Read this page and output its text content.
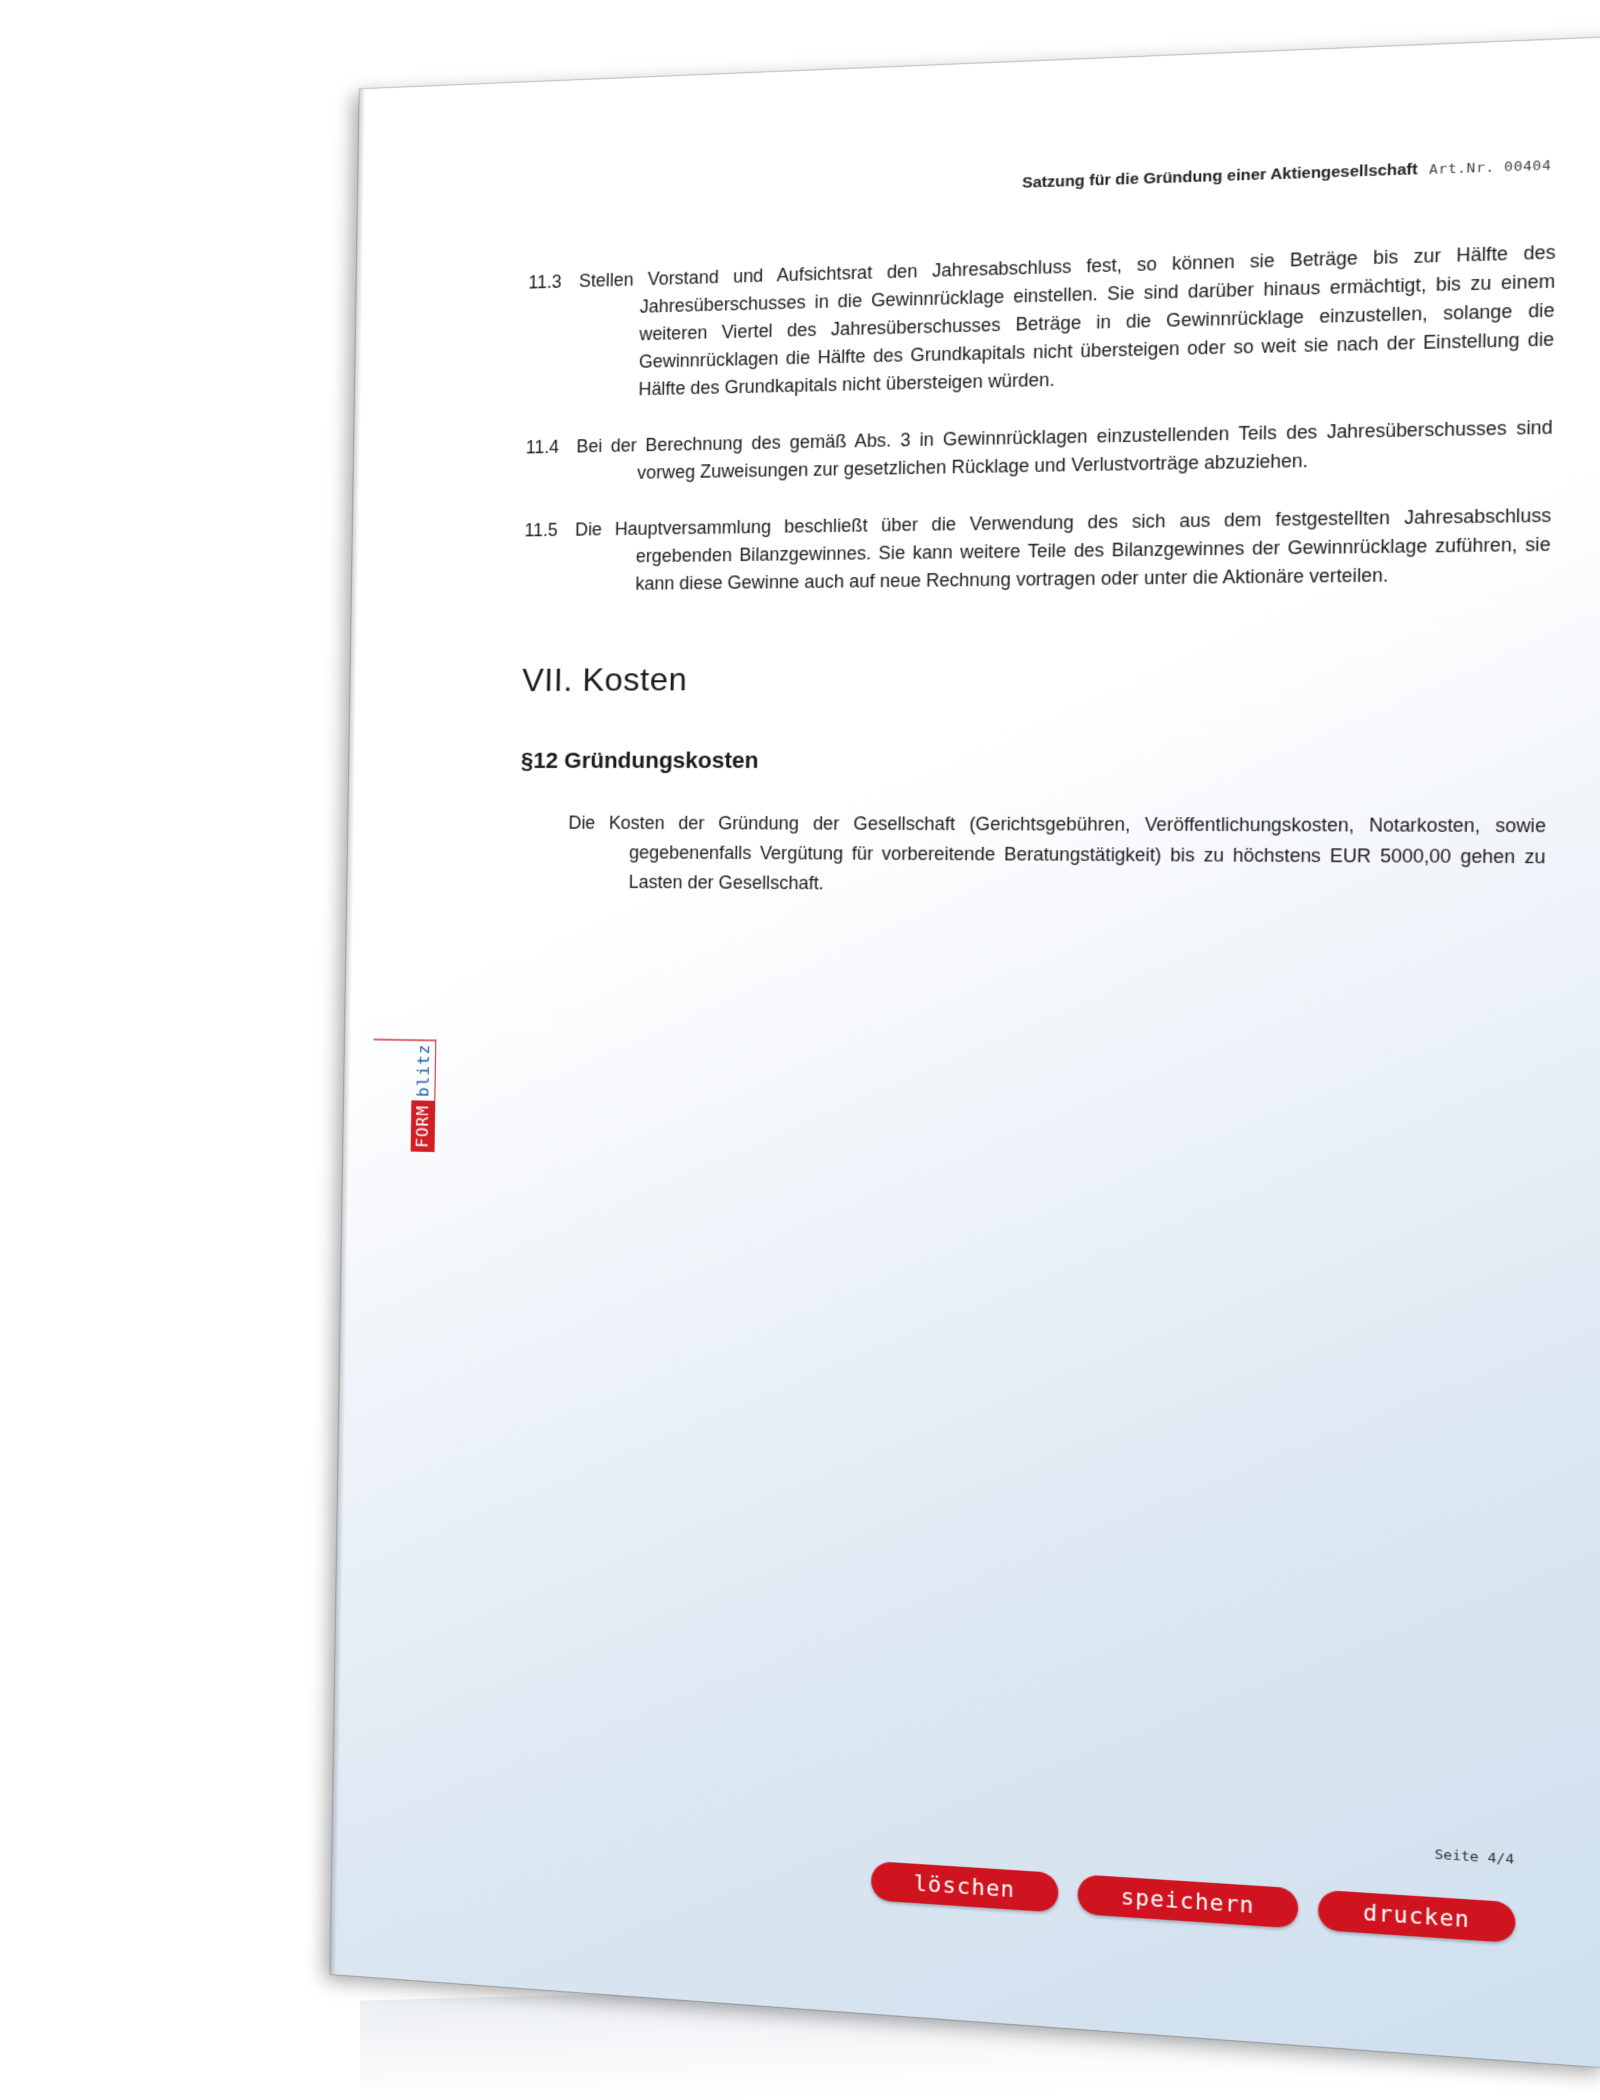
Satzung für die Gründung einer Aktiengesellschaft Art.Nr. 00404
11.3 Stellen Vorstand und Aufsichtsrat den Jahresabschluss fest, so können sie Beträge bis zur Hälfte des Jahresüberschusses in die Gewinnrücklage einstellen. Sie sind darüber hinaus ermächtigt, bis zu einem weiteren Viertel des Jahresüberschusses Beträge in die Gewinnrücklage einzustellen, solange die Gewinnrücklagen die Hälfte des Grundkapitals nicht übersteigen oder so weit sie nach der Einstellung die Hälfte des Grundkapitals nicht übersteigen würden.
11.4 Bei der Berechnung des gemäß Abs. 3 in Gewinnrücklagen einzustellenden Teils des Jahresüberschusses sind vorweg Zuweisungen zur gesetzlichen Rücklage und Verlustvorträge abzuziehen.
11.5 Die Hauptversammlung beschließt über die Verwendung des sich aus dem festgestellten Jahresabschluss ergebenden Bilanzgewinnes. Sie kann weitere Teile des Bilanzgewinnes der Gewinnrücklage zuführen, sie kann diese Gewinne auch auf neue Rechnung vortragen oder unter die Aktionäre verteilen.
VII. Kosten
§12 Gründungskosten
Die Kosten der Gründung der Gesellschaft (Gerichtsgebühren, Veröffentlichungskosten, Notarkosten, sowie gegebenenfalls Vergütung für vorbereitende Beratungstätigkeit) bis zu höchstens EUR 5000,00 gehen zu Lasten der Gesellschaft.
FORM
blitz
Seite 4/4
löschen	speichern	drucken
